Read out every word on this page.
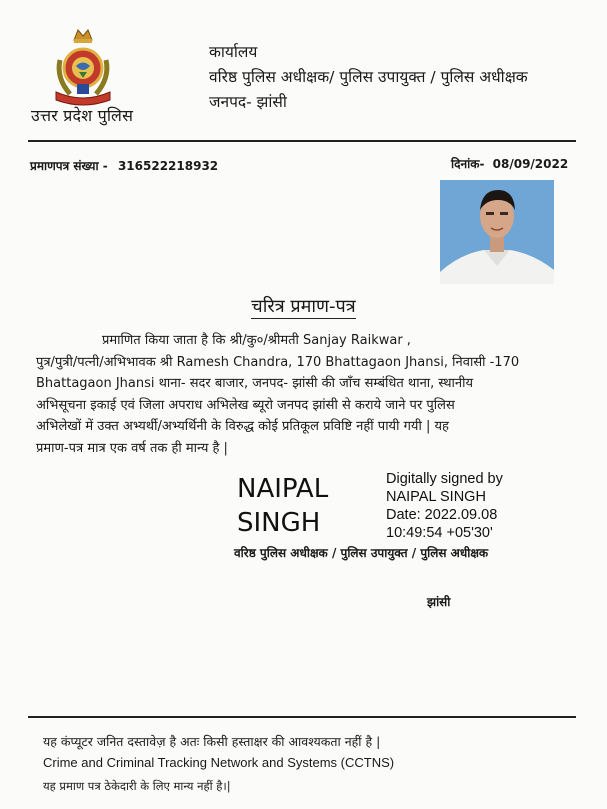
उत्तर प्रदेश पुलिस
कार्यालय
वरिष्ठ पुलिस अधीक्षक/ पुलिस उपायुक्त / पुलिस अधीक्षक
जनपद- झांसी
प्रमाणपत्र संख्या - 316522218932	दिनांक- 08/09/2022
चरित्र प्रमाण-पत्र

प्रमाणित किया जाता है कि श्री/कु०/श्रीमती Sanjay Raikwar ,

पुत्र/पुत्री/पत्नी/अभिभावक श्री Ramesh Chandra, 170 Bhattagaon Jhansi, निवासी -170

Bhattagaon Jhansi थाना- सदर बाजार, जनपद- झांसी की जाँच सम्बंधित थाना, स्थानीय

अभिसूचना इकाई एवं जिला अपराध अभिलेख ब्यूरो जनपद झांसी से कराये जाने पर पुलिस

अभिलेखों में उक्त अभ्यर्थी/अभ्यर्थिनी के विरुद्ध कोई प्रतिकूल प्रविष्टि नहीं पायी गयी | यह

प्रमाण-पत्र मात्र एक वर्ष तक ही मान्य है |

NAIPAL
SINGH
Digitally signed by
NAIPAL SINGH
Date: 2022.09.08
10:49:54 +05'30'
वरिष्ठ पुलिस अधीक्षक / पुलिस उपायुक्त / पुलिस अधीक्षक
झांसी
यह कंप्यूटर जनित दस्तावेज़ है अतः किसी हस्ताक्षर की आवश्यकता नहीं है |
Crime and Criminal Tracking Network and Systems (CCTNS)
यह प्रमाण पत्र ठेकेदारी के लिए मान्य नहीं है।|
